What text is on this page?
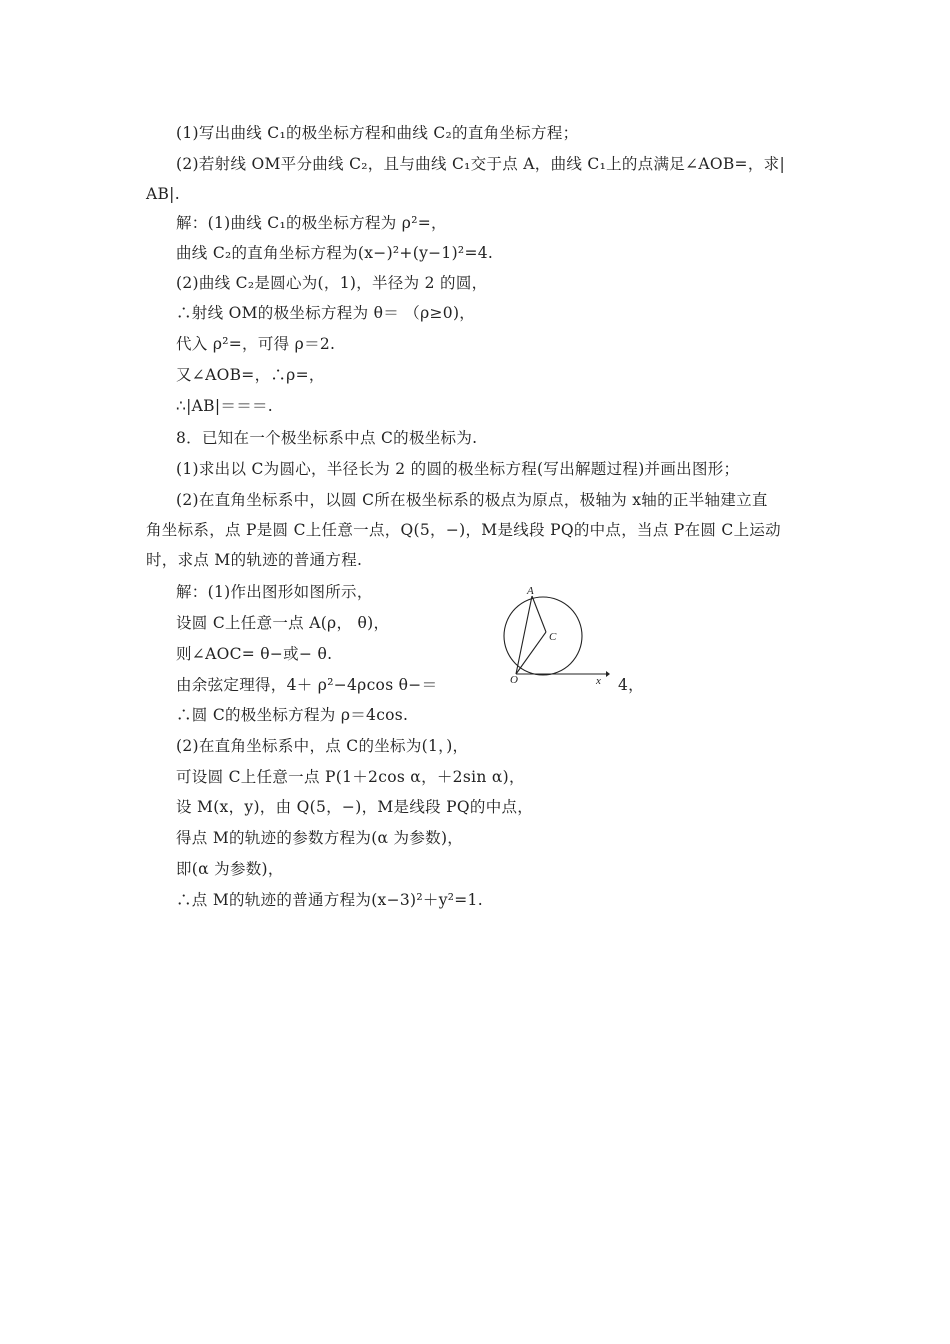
(1)写出曲线 C₁的极坐标方程和曲线 C₂的直角坐标方程；
(2)若射线 OM平分曲线 C₂，且与曲线 C₁交于点 A，曲线 C₁上的点满足∠AOB=，求|
AB|.
解：(1)曲线 C₁的极坐标方程为 ρ²=，
曲线 C₂的直角坐标方程为(x−)²+(y−1)²=4.
(2)曲线 C₂是圆心为(，1)，半径为 2 的圆，
∴射线 OM的极坐标方程为 θ＝ （ρ≥0)，
代入 ρ²=，可得 ρ＝2.
又∠AOB=，∴ρ=，
∴|AB|＝＝＝.
8．已知在一个极坐标系中点 C的极坐标为.
(1)求出以 C为圆心，半径长为 2 的圆的极坐标方程(写出解题过程)并画出图形；
(2)在直角坐标系中，以圆 C所在极坐标系的极点为原点，极轴为 x轴的正半轴建立直
角坐标系，点 P是圆 C上任意一点，Q(5，−)，M是线段 PQ的中点，当点 P在圆 C上运动
时，求点 M的轨迹的普通方程.
解：(1)作出图形如图所示，
设圆 C上任意一点 A(ρ， θ)，
则∠AOC= θ−或− θ.
由余弦定理得，4＋ ρ²−4ρcos θ−＝	4，
∴圆 C的极坐标方程为 ρ＝4cos.
(2)在直角坐标系中，点 C的坐标为(1，)，
可设圆 C上任意一点 P(1＋2cos α，＋2sin α)，
设 M(x，y)，由 Q(5，−)，M是线段 PQ的中点，
得点 M的轨迹的参数方程为(α 为参数)，
即(α 为参数)，
∴点 M的轨迹的普通方程为(x−3)²＋y²=1.
A
C
O	x
